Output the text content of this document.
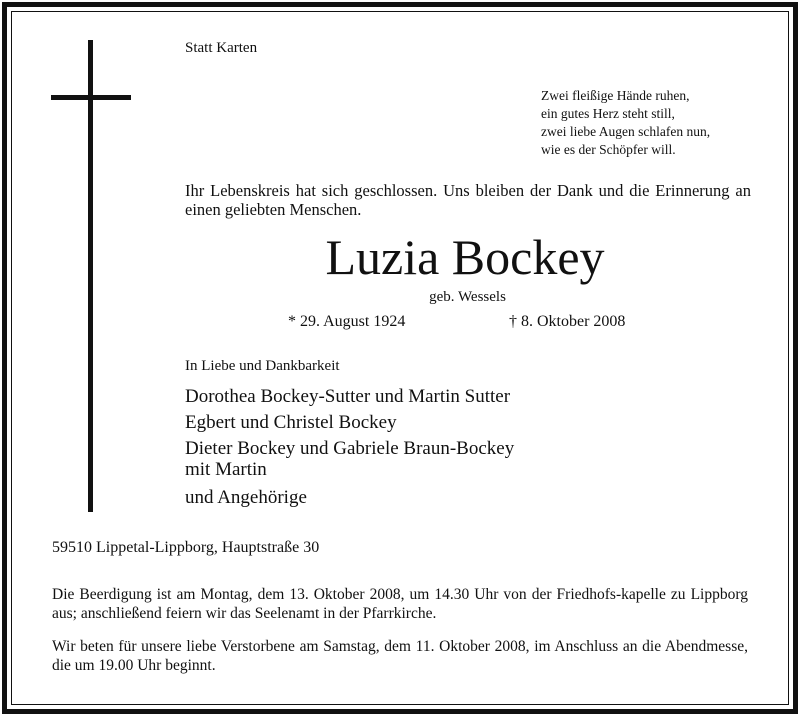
Statt Karten
Zwei fleißige Hände ruhen,
ein gutes Herz steht still,
zwei liebe Augen schlafen nun,
wie es der Schöpfer will.
Ihr Lebenskreis hat sich geschlossen. Uns bleiben der Dank und die Erinnerung an einen geliebten Menschen.
Luzia Bockey
geb. Wessels
* 29. August 1924	† 8. Oktober 2008
In Liebe und Dankbarkeit
Dorothea Bockey-Sutter und Martin Sutter
Egbert und Christel Bockey
Dieter Bockey und Gabriele Braun-Bockey
mit Martin
und Angehörige
59510 Lippetal-Lippborg, Hauptstraße 30
Die Beerdigung ist am Montag, dem 13. Oktober 2008, um 14.30 Uhr von der Friedhofs-kapelle zu Lippborg aus; anschließend feiern wir das Seelenamt in der Pfarrkirche.
Wir beten für unsere liebe Verstorbene am Samstag, dem 11. Oktober 2008, im Anschluss an die Abendmesse, die um 19.00 Uhr beginnt.
